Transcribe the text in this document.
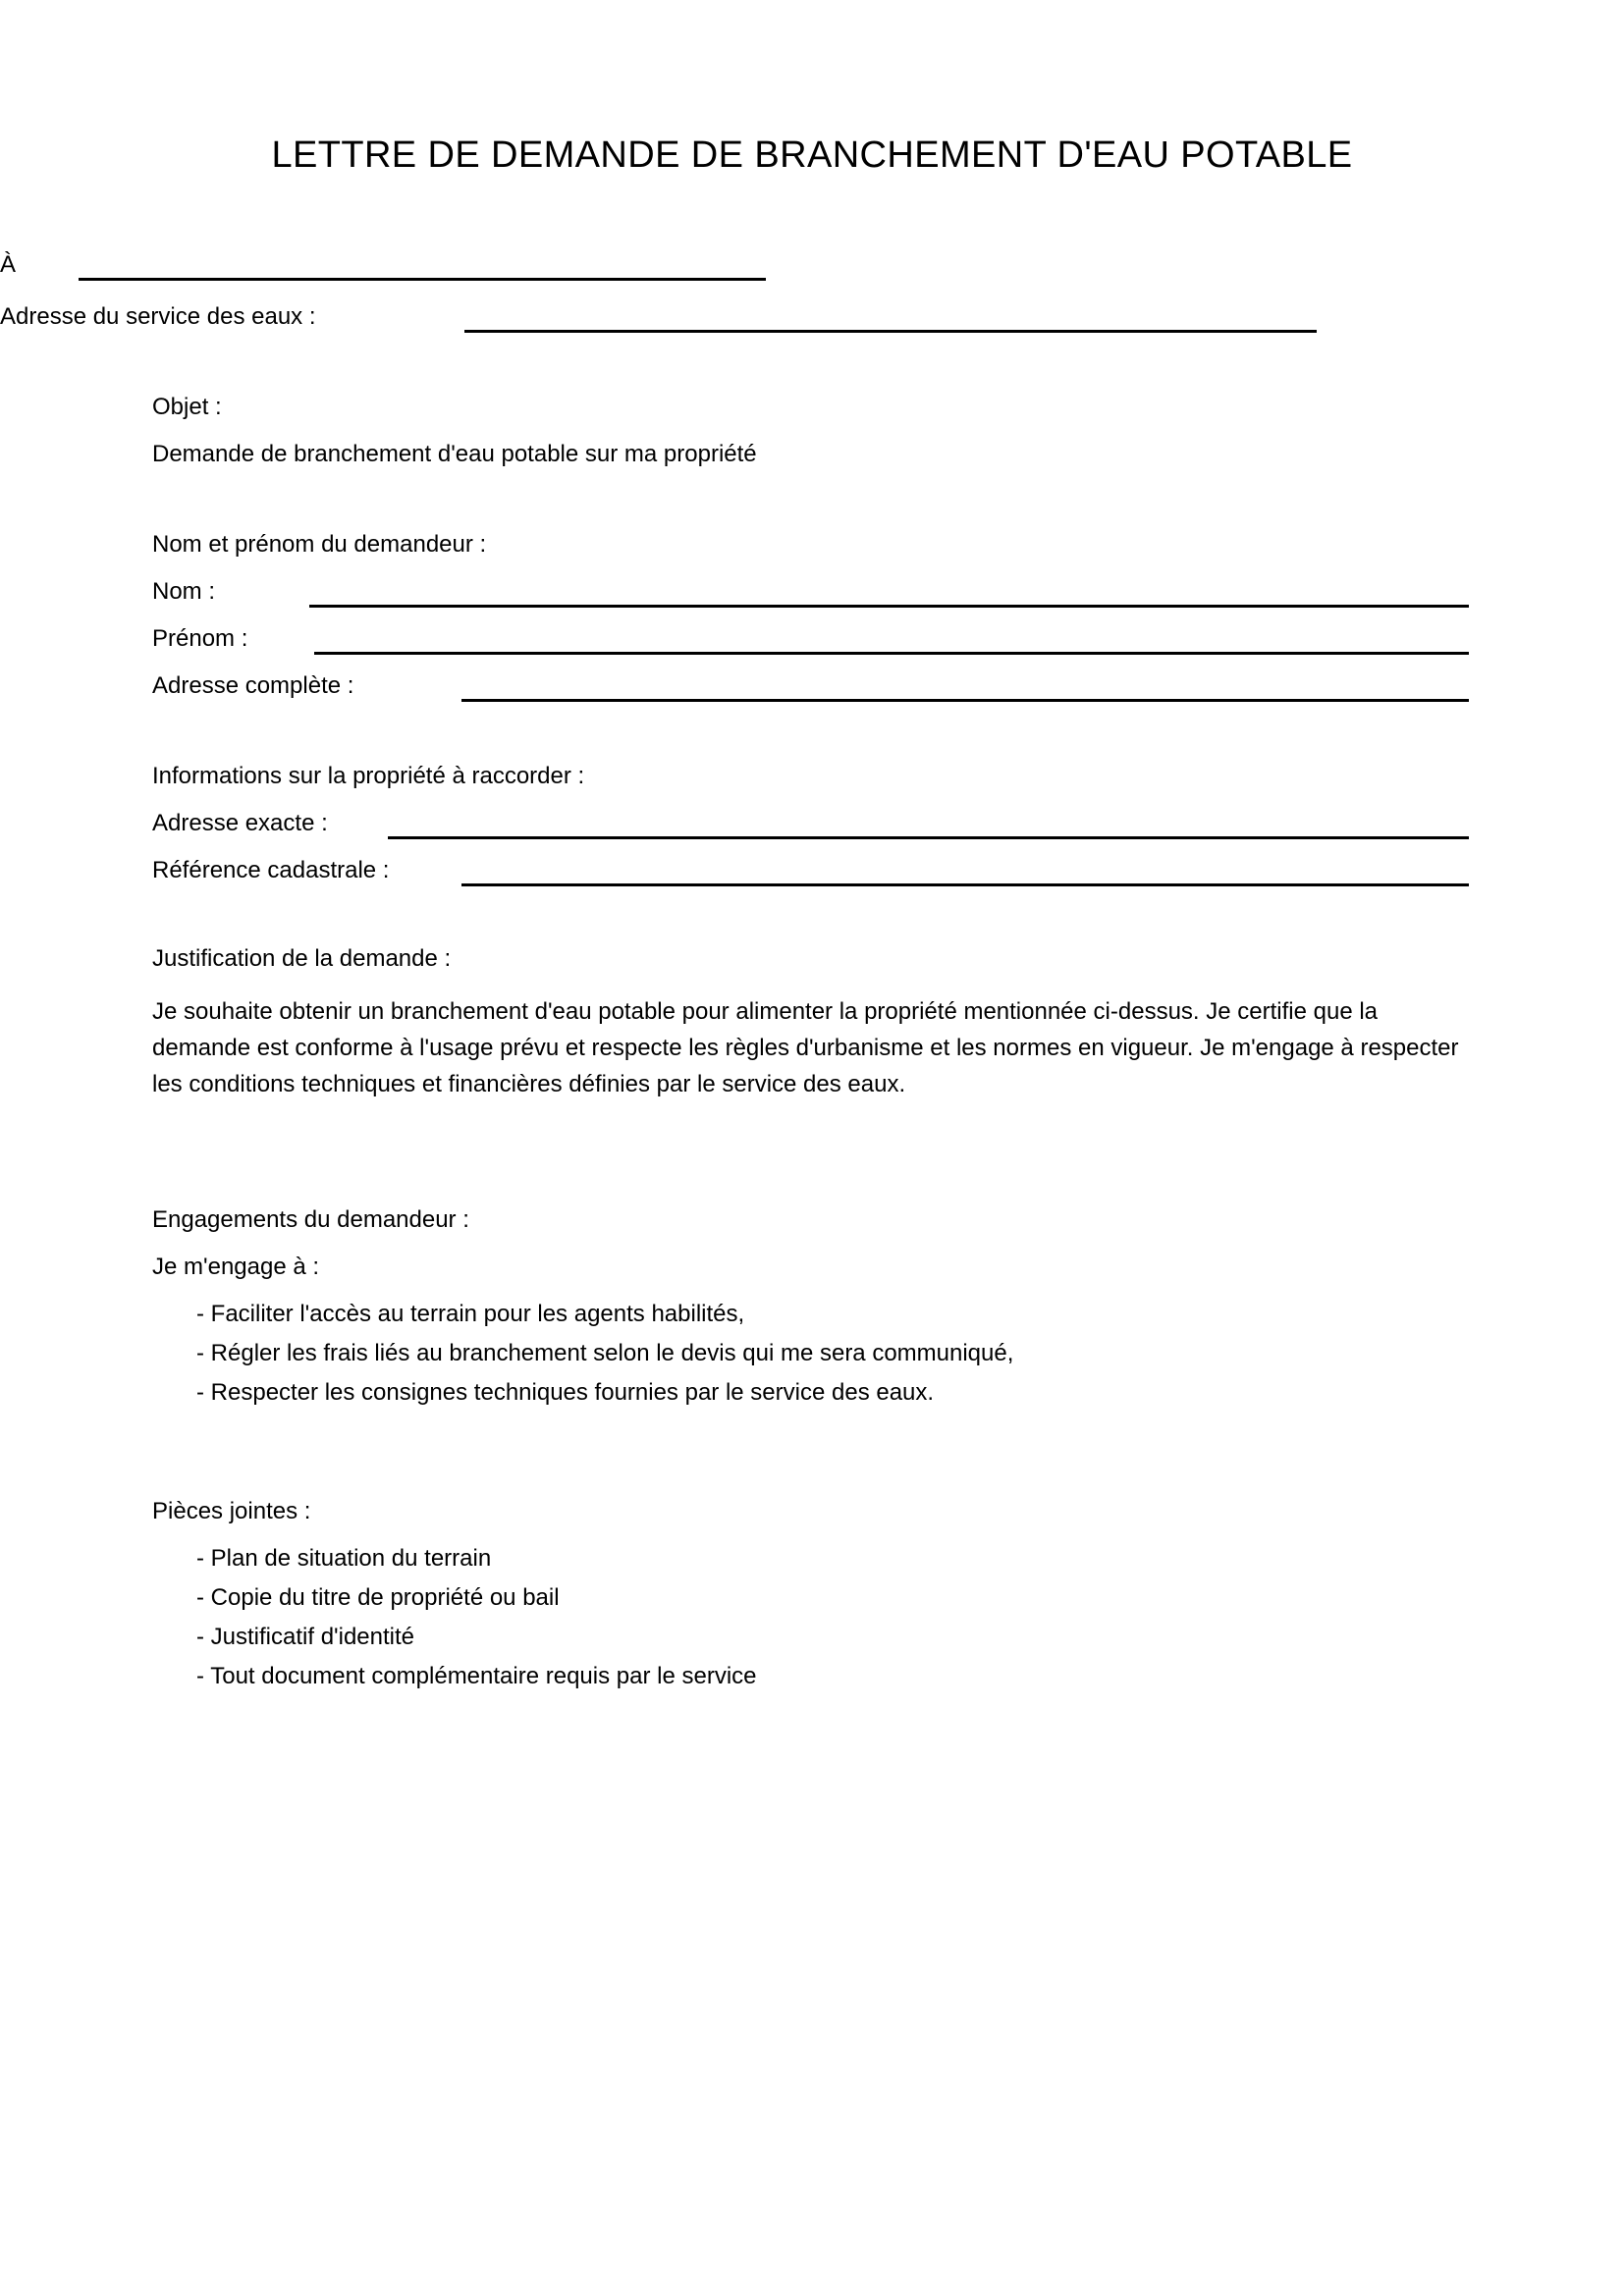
LETTRE DE DEMANDE DE BRANCHEMENT D'EAU POTABLE
À
Adresse du service des eaux :
Objet :
Demande de branchement d'eau potable sur ma propriété
Nom et prénom du demandeur :
Nom :
Prénom :
Adresse complète :
Informations sur la propriété à raccorder :
Adresse exacte :
Référence cadastrale :
Justification de la demande :
Je souhaite obtenir un branchement d'eau potable pour alimenter la propriété mentionnée ci-dessus. Je certifie que la demande est conforme à l'usage prévu et respecte les règles d'urbanisme et les normes en vigueur. Je m'engage à respecter les conditions techniques et financières définies par le service des eaux.
Engagements du demandeur :
Je m'engage à :
- Faciliter l'accès au terrain pour les agents habilités,
- Régler les frais liés au branchement selon le devis qui me sera communiqué,
- Respecter les consignes techniques fournies par le service des eaux.
Pièces jointes :
- Plan de situation du terrain
- Copie du titre de propriété ou bail
- Justificatif d'identité
- Tout document complémentaire requis par le service
